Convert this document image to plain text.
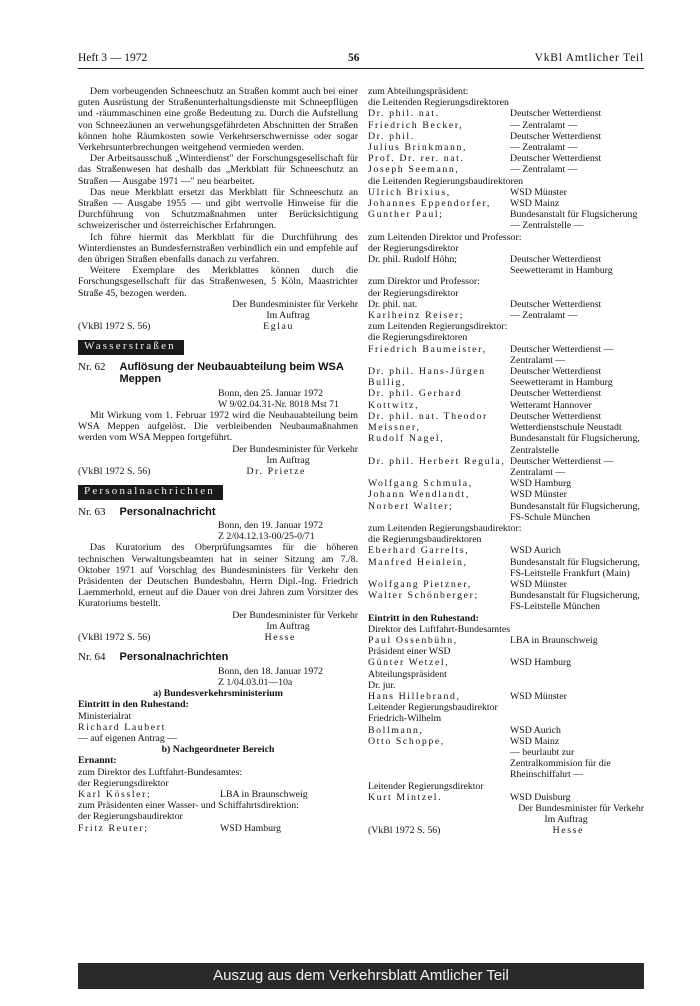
Heft 3 — 1972	56	VkBl Amtlicher Teil

Dem vorbeugenden Schneeschutz an Straßen kommt auch bei einer guten Ausrüstung der Straßenunterhaltungsdienste mit Schneepflügen und -räummaschinen eine große Bedeutung zu. Durch die Aufstellung von Schneezäunen an verwehungsgefährdeten Abschnitten der Straßen können hohe Räumkosten sowie Verkehrserschwernisse oder sogar Verkehrsunterbrechungen weitgehend vermieden werden.

Der Arbeitsausschuß „Winterdienst" der Forschungsgesellschaft für das Straßenwesen hat deshalb das „Merkblatt für Schneeschutz an Straßen — Ausgabe 1971 —" neu bearbeitet.

Das neue Merkblatt ersetzt das Merkblatt für Schneeschutz an Straßen — Ausgabe 1955 — und gibt wertvolle Hinweise für die Durchführung von Schutzmaßnahmen unter Berücksichtigung schweizerischer und österreichischer Erfahrungen.

Ich führe hiermit das Merkblatt für die Durchführung des Winterdienstes an Bundesfernstraßen verbindlich ein und empfehle auf den übrigen Straßen ebenfalls danach zu verfahren.

Weitere Exemplare des Merkblattes können durch die Forschungsgesellschaft für das Straßenwesen, 5 Köln, Maastrichter Straße 45, bezogen werden.

Der Bundesminister für Verkehr

Im Auftrag

(VkBl 1972 S. 56)	Eglau
Wasserstraßen
Nr. 62 Auflösung der Neubauabteilung beim WSA Meppen

Bonn, den 25. Januar 1972

W 9/02.04.31-Nr. 8018 Mst 71

Mit Wirkung vom 1. Februar 1972 wird die Neubauabteilung beim WSA Meppen aufgelöst. Die verbleibenden Neubaumaßnahmen werden vom WSA Meppen fortgeführt.

Der Bundesminister für Verkehr

Im Auftrag

(VkBl 1972 S. 56)	Dr. Prietze
Personalnachrichten
Nr. 63 Personalnachricht

Bonn, den 19. Januar 1972

Z 2/04.12.13-00/25-0/71

Das Kuratorium des Oberprüfungsamtes für die höheren technischen Verwaltungsbeamten hat in seiner Sitzung am 7./8. Oktober 1971 auf Vorschlag des Bundesministers für Verkehr den Präsidenten der Deutschen Bundesbahn, Herrn Dipl.-Ing. Friedrich Laemmerhold, erneut auf die Dauer von drei Jahren zum Vorsitzer des Kuratoriums bestellt.

Der Bundesminister für Verkehr

Im Auftrag

(VkBl 1972 S. 56)	Hesse
Nr. 64 Personalnachrichten

Bonn, den 18. Januar 1972

Z 1/04.03.01—10a

a) Bundesverkehrsministerium

Eintritt in den Ruhestand:

Ministerialrat

Richard Laubert

— auf eigenen Antrag —

b) Nachgeordneter Bereich

Ernannt:

zum Direktor des Luftfahrt-Bundesamtes:

der Regierungsdirektor

Karl Kössler;	LBA in Braunschweig

zum Präsidenten einer Wasser- und Schiffahrtsdirektion:

der Regierungsbaudirektor

Fritz Reuter;	WSD Hamburg

zum Abteilungspräsident:

die Leitenden Regierungsdirektoren

Dr. phil. nat.	Deutscher Wetterdienst
Friedrich Becker,	— Zentralamt —
Dr. phil.	Deutscher Wetterdienst
Julius Brinkmann,	— Zentralamt —
Prof. Dr. rer. nat.	Deutscher Wetterdienst
Joseph Seemann,	— Zentralamt —

die Leitenden Regierungsbaudirektoren

Ulrich Brixius,	WSD Münster
Johannes Eppendorfer,	WSD Mainz
Gunther Paul;	Bundesanstalt für Flugsicherung — Zentralstelle —

zum Leitenden Direktor und Professor:

der Regierungsdirektor

Dr. phil. Rudolf Höhn;	Deutscher Wetterdienst Seewetteramt in Hamburg

zum Direktor und Professor:

der Regierungsdirektor

Dr. phil. nat.	Deutscher Wetterdienst
Karlheinz Reiser;	— Zentralamt —

zum Leitenden Regierungsdirektor:

die Regierungsdirektoren

Friedrich Baumeister,	Deutscher Wetterdienst — Zentralamt —
Dr. phil. Hans-Jürgen Bullig,
Deutscher Wetterdienst Seewetteramt in Hamburg
Dr. phil. Gerhard Kottwitz,
Deutscher Wetterdienst Wetteramt Hannover
Dr. phil. nat. Theodor Meissner,
Deutscher Wetterdienst Wetterdienstschule Neustadt
Rudolf Nagel,	Bundesanstalt für Flugsicherung, Zentralstelle
Dr. phil. Herbert Regula, Deutscher Wetterdienst — Zentralamt —
Wolfgang Schmula,	WSD Hamburg
Johann Wendlandt,	WSD Münster
Norbert Walter;	Bundesanstalt für Flugsicherung, FS-Schule München

zum Leitenden Regierungsbaudirektor:

die Regierungsbaudirektoren

Eberhard Garrelts,	WSD Aurich
Manfred Heinlein,	Bundesanstalt für Flugsicherung, FS-Leitstelle Frankfurt (Main)
Wolfgang Pietzner,	WSD Münster
Walter Schönberger;	Bundesanstalt für Flugsicherung, FS-Leitstelle München

Eintritt in den Ruhestand:

Direktor des Luftfahrt-Bundesamtes

Paul Ossenbühn,	LBA in Braunschweig

Präsident einer WSD

Günter Wetzel,	WSD Hamburg

Abteilungspräsident

Dr. jur.

Hans Hillebrand,	WSD Münster

Leitender Regierungsbaudirektor

Friedrich-Wilhelm

Bollmann,	WSD Aurich
Otto Schoppe,	WSD Mainz
— beurlaubt zur Zentralkommision für die Rheinschiffahrt —

Leitender Regierungsdirektor

Kurt Mintzel.	WSD Duisburg

Der Bundesminister für Verkehr

Im Auftrag

(VkBl 1972 S. 56)	Hesse
Auszug aus dem Verkehrsblatt Amtlicher Teil
